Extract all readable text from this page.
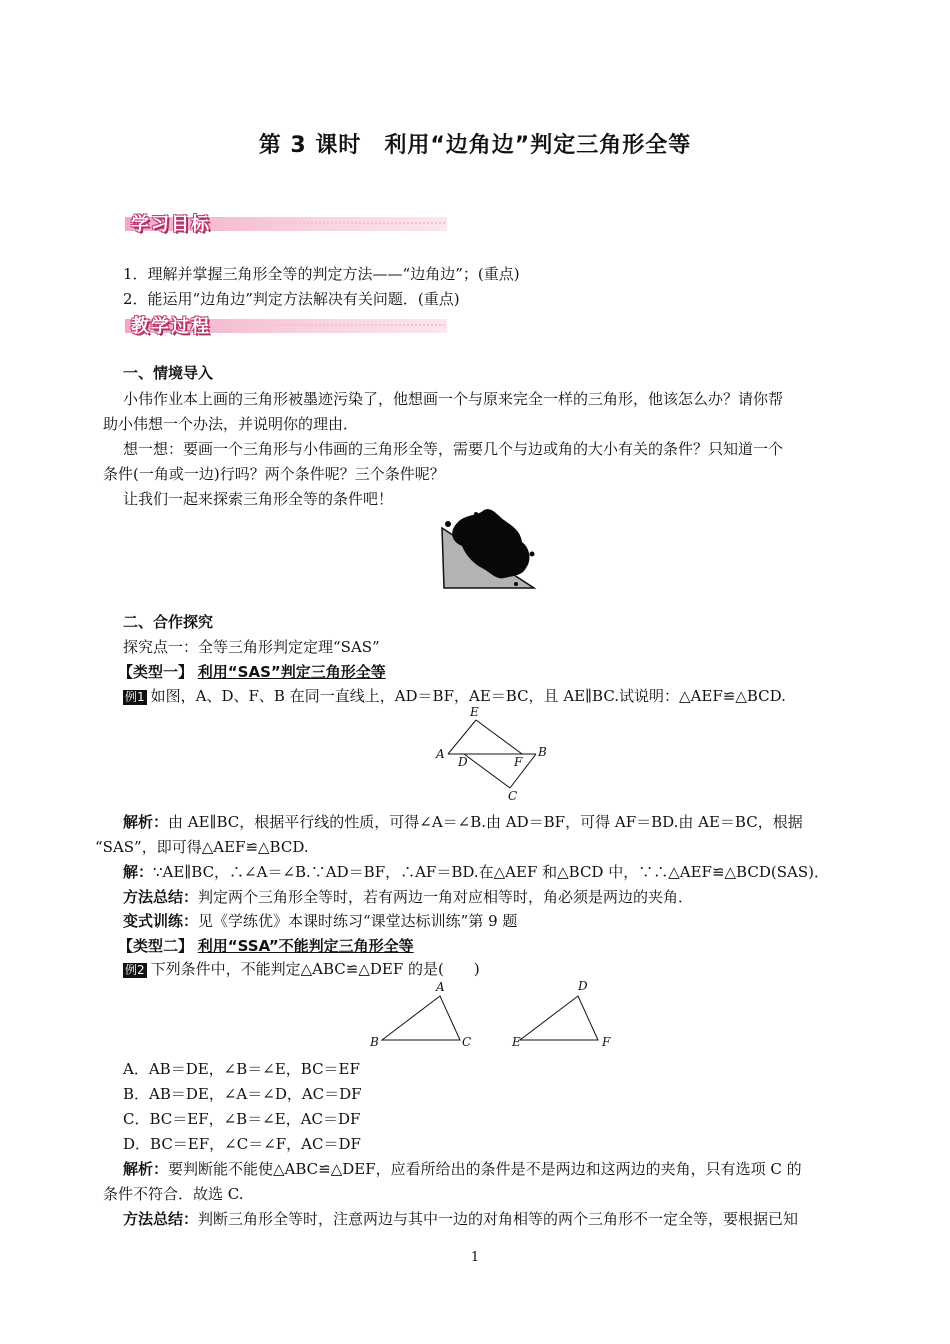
第 3 课时　利用“边角边”判定三角形全等
学习目标
1．理解并掌握三角形全等的判定方法——“边角边”；(重点)
2．能运用“边角边”判定方法解决有关问题．(重点)
教学过程
一、情境导入
小伟作业本上画的三角形被墨迹污染了，他想画一个与原来完全一样的三角形，他该怎么办？请你帮
助小伟想一个办法，并说明你的理由．
想一想：要画一个三角形与小伟画的三角形全等，需要几个与边或角的大小有关的条件？只知道一个
条件(一角或一边)行吗？两个条件呢？三个条件呢？
让我们一起来探索三角形全等的条件吧！
二、合作探究
探究点一：全等三角形判定定理“SAS”
【类型一】 利用“SAS”判定三角形全等
例1 如图，A、D、F、B 在同一直线上，AD＝BF，AE＝BC，且 AE∥BC.试说明：△AEF≌△BCD.
E
A
D	F
B
C
解析：由 AE∥BC，根据平行线的性质，可得∠A＝∠B.由 AD＝BF，可得 AF＝BD.由 AE＝BC，根据
“SAS”，即可得△AEF≌△BCD.
解：∵AE∥BC，∴∠A＝∠B.∵AD＝BF，∴AF＝BD.在△AEF 和△BCD 中，∵∴△AEF≌△BCD(SAS)．
方法总结：判定两个三角形全等时，若有两边一角对应相等时，角必须是两边的夹角．
变式训练：见《学练优》本课时练习“课堂达标训练”第 9 题
【类型二】 利用“SSA”不能判定三角形全等
例2 下列条件中，不能判定△ABC≌△DEF 的是(　　)
A
B	C
D
E	F
A．AB＝DE，∠B＝∠E，BC＝EF
B．AB＝DE，∠A＝∠D，AC＝DF
C．BC＝EF，∠B＝∠E，AC＝DF
D．BC＝EF，∠C＝∠F，AC＝DF
解析：要判断能不能使△ABC≌△DEF，应看所给出的条件是不是两边和这两边的夹角，只有选项 C 的
条件不符合．故选 C.
方法总结：判断三角形全等时，注意两边与其中一边的对角相等的两个三角形不一定全等，要根据已知
1
